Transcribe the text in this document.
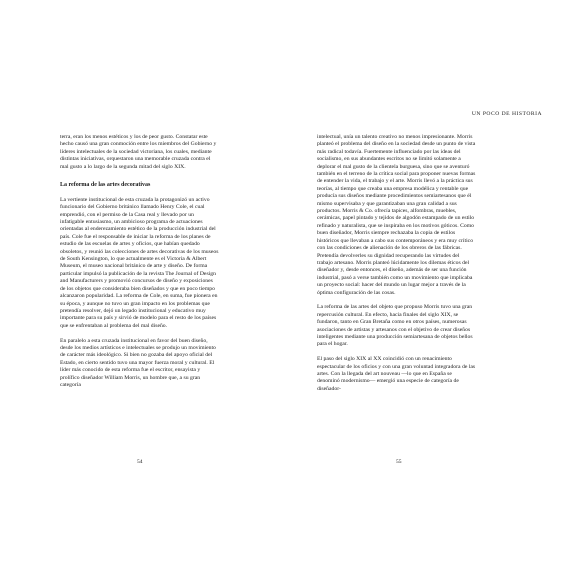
terra, eran los menos estéticos y los de peor gusto. Constatar este hecho causó una gran conmoción entre los miembros del Gobierno y líderes intelectuales de la sociedad victoriana, los cuales, mediante distintas iniciativas, orquestaron una memorable cruzada contra el mal gusto a lo largo de la segunda mitad del siglo XIX.

La reforma de las artes decorativas

La vertiente institucional de esta cruzada la protagonizó un activo funcionario del Gobierno británico llamado Henry Cole, el cual emprendió, con el permiso de la Casa real y llevado por un infatigable entusiasmo, un ambicioso programa de actuaciones orientadas al enderezamiento estético de la producción industrial del país. Cole fue el responsable de iniciar la reforma de los planes de estudio de las escuelas de artes y oficios, que habían quedado obsoletos, y reunió las colecciones de artes decorativas de los museos de South Kensington, lo que actualmente es el Victoria & Albert Museum, el museo nacional británico de arte y diseño. De forma particular impulsó la publicación de la revista The Journal of Design and Manufacturers y promovió concursos de diseño y exposiciones de los objetos que consideraba bien diseñados y que en poco tiempo alcanzaron popularidad. La reforma de Cole, en suma, fue pionera en su época, y aunque no tuvo un gran impacto en los problemas que pretendía resolver, dejó un legado institucional y educativo muy importante para su país y sirvió de modelo para el resto de los países que se enfrentaban al problema del mal diseño.

En paralelo a esta cruzada institucional en favor del buen diseño, desde los medios artísticos e intelectuales se produjo un movimiento de carácter más ideológico. Si bien no gozaba del apoyo oficial del Estado, en cierto sentido tuvo una mayor fuerza moral y cultural. El líder más conocido de esta reforma fue el escritor, ensayista y prolífico diseñador William Morris, un hombre que, a su gran categoría

54
UN POCO DE HISTORIA

intelectual, unía un talento creativo no menos impresionante. Morris planteó el problema del diseño en la sociedad desde un punto de vista más radical todavía. Fuertemente influenciado por las ideas del socialismo, en sus abundantes escritos no se limitó solamente a deplorar el mal gusto de la clientela burguesa, sino que se aventuró también en el terreno de la crítica social para proponer nuevas formas de entender la vida, el trabajo y el arte. Morris llevó a la práctica sus teorías, al tiempo que creaba una empresa modélica y rentable que producía sus diseños mediante procedimientos semiartesanos que él mismo supervisaba y que garantizaban una gran calidad a sus productos. Morris & Co. ofrecía tapices, alfombras, muebles, cerámicas, papel pintado y tejidos de algodón estampado de un estilo refinado y naturalista, que se inspiraba en los motivos góticos. Como buen diseñador, Morris siempre rechazaba la copia de estilos históricos que llevaban a cabo sus contemporáneos y era muy crítico con las condiciones de alienación de los obreros de las fábricas. Pretendía devolverles su dignidad recuperando las virtudes del trabajo artesano. Morris planteó lúcidamente los dilemas éticos del diseñador y, desde entonces, el diseño, además de ser una función industrial, pasó a verse también como un movimiento que implicaba un proyecto social: hacer del mundo un lugar mejor a través de la óptima configuración de las cosas.

La reforma de las artes del objeto que propuso Morris tuvo una gran repercusión cultural. En efecto, hacia finales del siglo XIX, se fundaron, tanto en Gran Bretaña como en otros países, numerosas asociaciones de artistas y artesanos con el objetivo de crear diseños inteligentes mediante una producción semiartesana de objetos bellos para el hogar.

El paso del siglo XIX al XX coincidió con un renacimiento espectacular de los oficios y con una gran voluntad integradora de las artes. Con la llegada del art nouveau —lo que en España se denominó modernismo— emergió una especie de categoría de diseñador-

55
